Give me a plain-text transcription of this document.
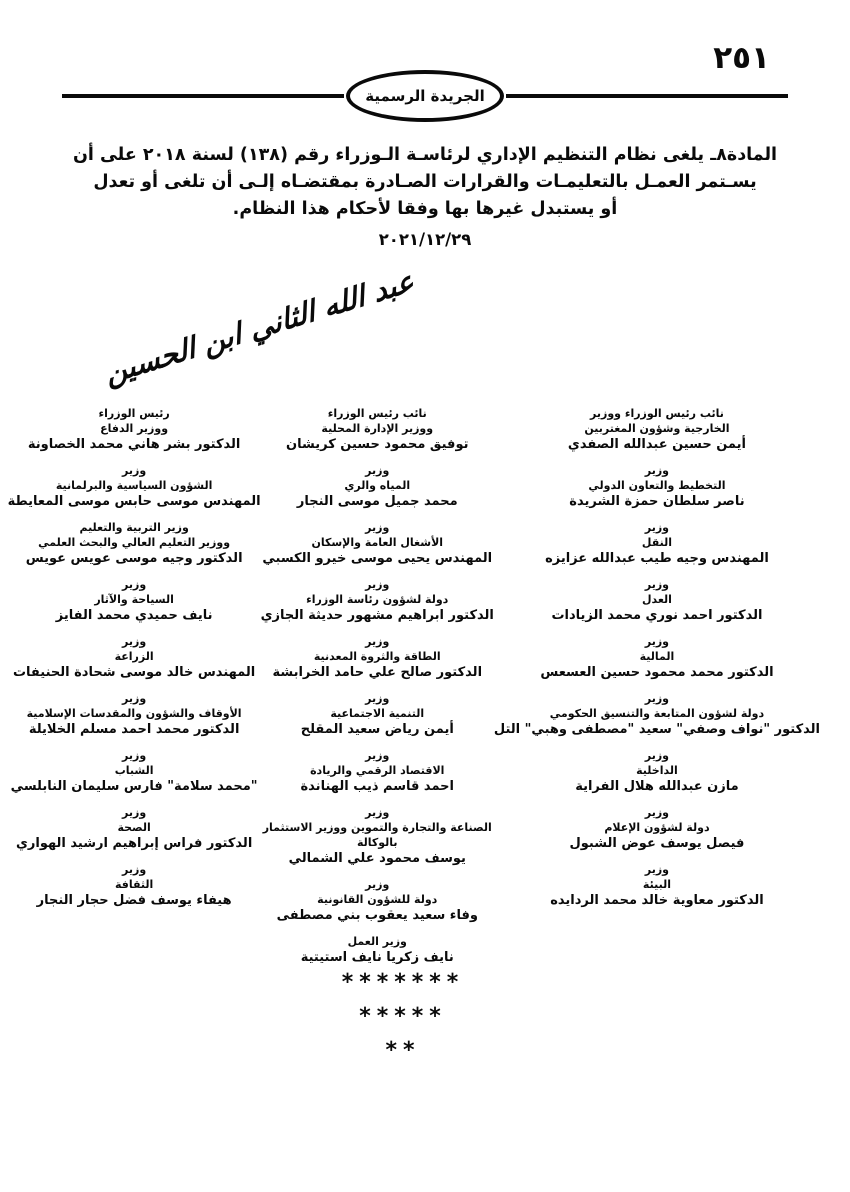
٢٥١
الجريدة الرسمية
المادة٨ـ يلغى نظام التنظيم الإداري لرئاسـة الـوزراء رقم (١٣٨) لسنة ٢٠١٨ على أن
يسـتمر العمـل بالتعليمـات والقرارات الصـادرة بمقتضـاه إلـى أن تلغى أو تعدل
أو يستبدل غيرها بها وفقا لأحكام هذا النظام.
٢٠٢١/١٢/٢٩
عبد الله الثاني ابن الحسين
نائب رئيس الوزراء ووزير
الخارجية وشؤون المغتربين
أيمن حسين عبدالله الصفدي
وزير
التخطيط والتعاون الدولي
ناصر سلطان حمزة الشريدة
وزير
النقل
المهندس وجيه طيب عبدالله عزايزه
وزير
العدل
الدكتور احمد نوري محمد الزيادات
وزير
المالية
الدكتور محمد محمود حسين العسعس
وزير
دولة لشؤون المتابعة والتنسيق الحكومي
الدكتور "نواف وصفي" سعيد "مصطفى وهبي" التل
وزير
الداخلية
مازن عبدالله هلال الفراية
وزير
دولة لشؤون الإعلام
فيصل يوسف عوض الشبول
وزير
البيئة
الدكتور معاوية خالد محمد الردايده
نائب رئيس الوزراء
ووزير الإدارة المحلية
توفيق محمود حسين كريشان
وزير
المياه والري
محمد جميل موسى النجار
وزير
الأشغال العامة والإسكان
المهندس يحيى موسى خيرو الكسبي
وزير
دولة لشؤون رئاسة الوزراء
الدكتور ابراهيم مشهور حديثة الجازي
وزير
الطاقة والثروة المعدنية
الدكتور صالح علي حامد الخرابشة
وزير
التنمية الاجتماعية
أيمن رياض سعيد المقلح
وزير
الاقتصاد الرقمي والريادة
احمد قاسم ذيب الهناندة
وزير
الصناعة والتجارة والتموين ووزير الاستثمار
بالوكالة
يوسف محمود علي الشمالي
وزير
دولة للشؤون القانونية
وفاء سعيد يعقوب بني مصطفى
وزير العمل
نايف زكريا نايف استيتية
رئيس الوزراء
ووزير الدفاع
الدكتور بشر هاني محمد الخصاونة
وزير
الشؤون السياسية والبرلمانية
المهندس موسى حابس موسى المعايطة
وزير التربية والتعليم
ووزير التعليم العالي والبحث العلمي
الدكتور وجيه موسى عويس عويس
وزير
السياحة والآثار
نايف حميدي محمد الفايز
وزير
الزراعة
المهندس خالد موسى شحادة الحنيفات
وزير
الأوقاف والشؤون والمقدسات الإسلامية
الدكتور محمد احمد مسلم الخلايلة
وزير
الشباب
"محمد سلامة" فارس سليمان النابلسي
وزير
الصحة
الدكتور فراس إبراهيم ارشيد الهواري
وزير
الثقافة
هيفاء يوسف فضل حجار النجار
*******
*****
**
